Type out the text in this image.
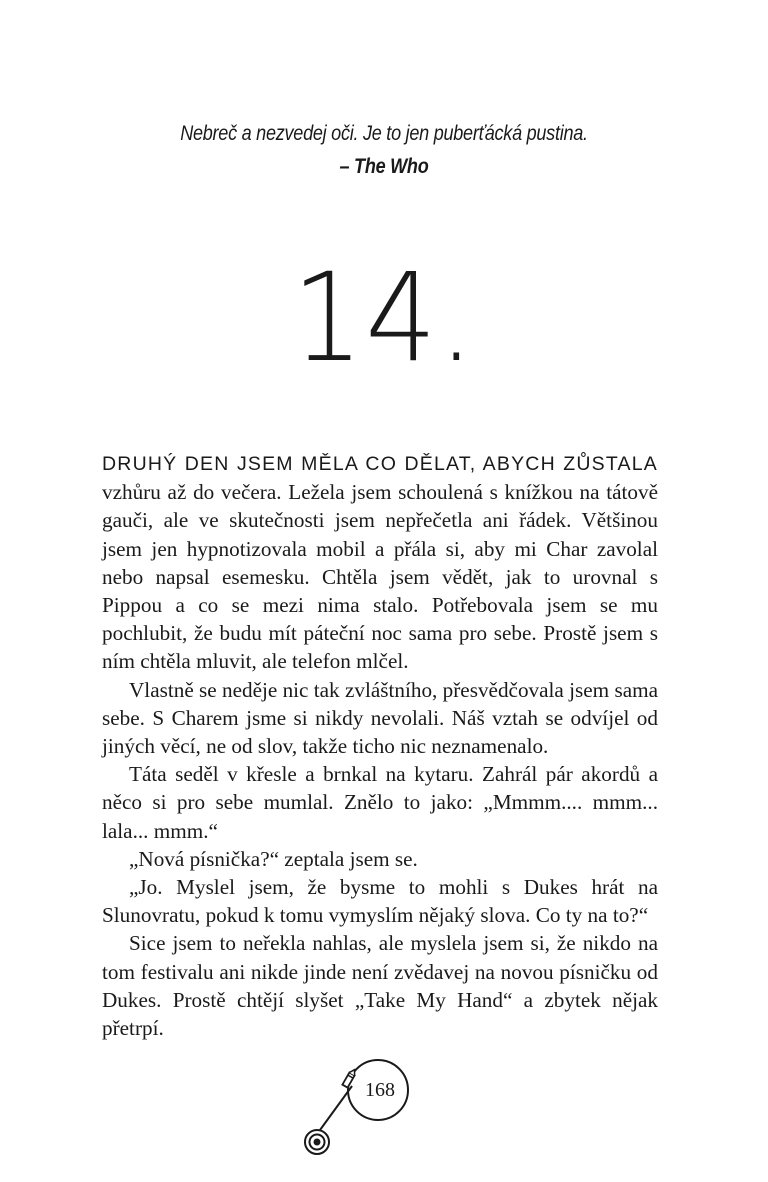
Nebreč a nezvedej oči. Je to jen puberťácká pustina.
– The Who
14.

DRUHÝ DEN JSEM MĚLA CO DĚLAT, ABYCH ZŮSTALA vzhůru až do večera. Ležela jsem schoulená s knížkou na tátově gauči, ale ve skutečnosti jsem nepřečetla ani řádek. Většinou jsem jen hypnotizovala mobil a přála si, aby mi Char zavolal nebo napsal esemesku. Chtěla jsem vědět, jak to urovnal s Pippou a co se mezi nima stalo. Potřebovala jsem se mu pochlubit, že budu mít páteční noc sama pro sebe. Prostě jsem s ním chtěla mluvit, ale telefon mlčel.

Vlastně se neděje nic tak zvláštního, přesvědčovala jsem sama sebe. S Charem jsme si nikdy nevolali. Náš vztah se odvíjel od jiných věcí, ne od slov, takže ticho nic neznamenalo.

Táta seděl v křesle a brnkal na kytaru. Zahrál pár akordů a něco si pro sebe mumlal. Znělo to jako: „Mmmm.... mmm... lala... mmm.“

„Nová písnička?“ zeptala jsem se.

„Jo. Myslel jsem, že bysme to mohli s Dukes hrát na Slunovratu, pokud k tomu vymyslím nějaký slova. Co ty na to?“

Sice jsem to neřekla nahlas, ale myslela jsem si, že nikdo na tom festivalu ani nikde jinde není zvědavej na novou písničku od Dukes. Prostě chtějí slyšet „Take My Hand“ a zbytek nějak přetrpí.

168
